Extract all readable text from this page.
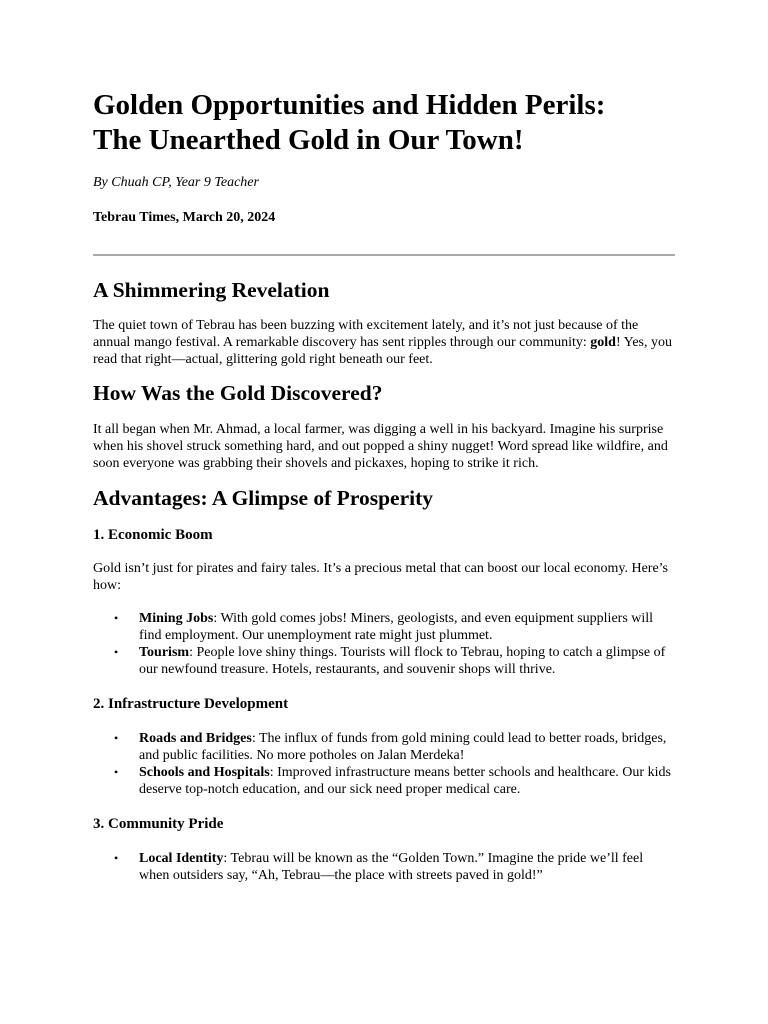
Golden Opportunities and Hidden Perils:
The Unearthed Gold in Our Town!

By Chuah CP, Year 9 Teacher

Tebrau Times, March 20, 2024

A Shimmering Revelation

The quiet town of Tebrau has been buzzing with excitement lately, and it’s not just because of the annual mango festival. A remarkable discovery has sent ripples through our community: gold! Yes, you read that right—actual, glittering gold right beneath our feet.

How Was the Gold Discovered?

It all began when Mr. Ahmad, a local farmer, was digging a well in his backyard. Imagine his surprise when his shovel struck something hard, and out popped a shiny nugget! Word spread like wildfire, and soon everyone was grabbing their shovels and pickaxes, hoping to strike it rich.

Advantages: A Glimpse of Prosperity
1. Economic Boom

Gold isn’t just for pirates and fairy tales. It’s a precious metal that can boost our local economy. Here’s how:

• Mining Jobs: With gold comes jobs! Miners, geologists, and even equipment suppliers will find employment. Our unemployment rate might just plummet.
• Tourism: People love shiny things. Tourists will flock to Tebrau, hoping to catch a glimpse of our newfound treasure. Hotels, restaurants, and souvenir shops will thrive.
2. Infrastructure Development
• Roads and Bridges: The influx of funds from gold mining could lead to better roads, bridges, and public facilities. No more potholes on Jalan Merdeka!
• Schools and Hospitals: Improved infrastructure means better schools and healthcare. Our kids deserve top-notch education, and our sick need proper medical care.
3. Community Pride
• Local Identity: Tebrau will be known as the “Golden Town.” Imagine the pride we’ll feel when outsiders say, “Ah, Tebrau—the place with streets paved in gold!”
